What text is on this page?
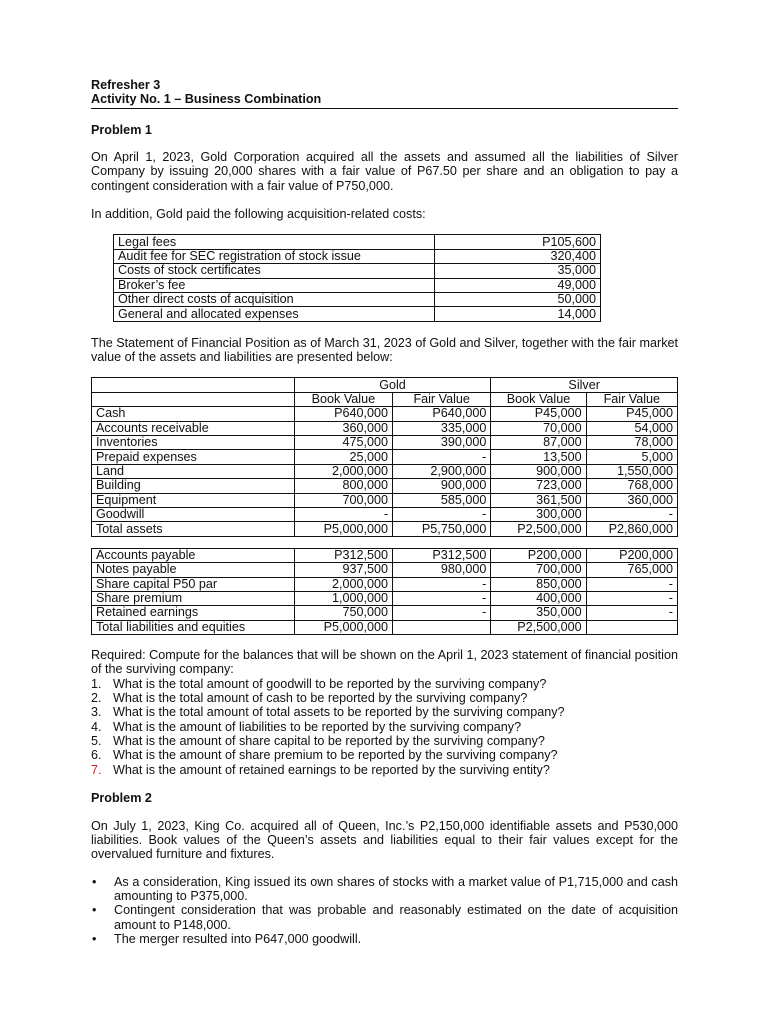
Refresher 3
Activity No. 1 – Business Combination
Problem 1

On April 1, 2023, Gold Corporation acquired all the assets and assumed all the liabilities of Silver Company by issuing 20,000 shares with a fair value of P67.50 per share and an obligation to pay a contingent consideration with a fair value of P750,000.

In addition, Gold paid the following acquisition-related costs:

Legal fees	P105,600
Audit fee for SEC registration of stock issue	320,400
Costs of stock certificates	35,000
Broker’s fee	49,000
Other direct costs of acquisition	50,000
General and allocated expenses	14,000

The Statement of Financial Position as of March 31, 2023 of Gold and Silver, together with the fair market value of the assets and liabilities are presented below:

	Gold		Silver	
	Book Value	Fair Value	Book Value	Fair Value
Cash	P640,000	P640,000	P45,000	P45,000
Accounts receivable	360,000	335,000	70,000	54,000
Inventories	475,000	390,000	87,000	78,000
Prepaid expenses	25,000	-	13,500	5,000
Land	2,000,000	2,900,000	900,000	1,550,000
Building	800,000	900,000	723,000	768,000
Equipment	700,000	585,000	361,500	360,000
Goodwill	-	-	300,000	-
Total assets	P5,000,000	P5,750,000	P2,500,000	P2,860,000

Accounts payable	P312,500	P312,500	P200,000	P200,000
Notes payable	937,500	980,000	700,000	765,000
Share capital P50 par	2,000,000	-	850,000	-
Share premium	1,000,000	-	400,000	-
Retained earnings	750,000	-	350,000	-
Total liabilities and equities	P5,000,000		P2,500,000	

Required: Compute for the balances that will be shown on the April 1, 2023 statement of financial position of the surviving company:

1. What is the total amount of goodwill to be reported by the surviving company?
2. What is the total amount of cash to be reported by the surviving company?
3. What is the total amount of total assets to be reported by the surviving company?
4. What is the amount of liabilities to be reported by the surviving company?
5. What is the amount of share capital to be reported by the surviving company?
6. What is the amount of share premium to be reported by the surviving company?
7. What is the amount of retained earnings to be reported by the surviving entity?
Problem 2

On July 1, 2023, King Co. acquired all of Queen, Inc.’s P2,150,000 identifiable assets and P530,000 liabilities. Book values of the Queen’s assets and liabilities equal to their fair values except for the overvalued furniture and fixtures.

•	As a consideration, King issued its own shares of stocks with a market value of P1,715,000 and cash amounting to P375,000.
•	Contingent consideration that was probable and reasonably estimated on the date of acquisition amount to P148,000.
•	The merger resulted into P647,000 goodwill.
